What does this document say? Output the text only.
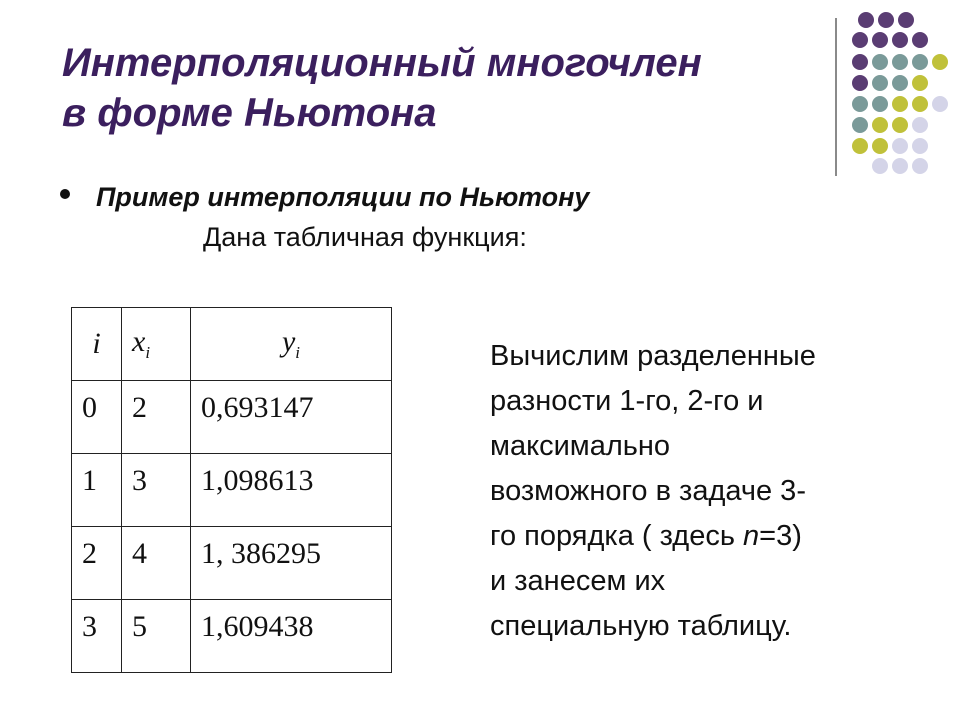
Интерполяционный многочлен
в форме Ньютона
Пример интерполяции по Ньютону
Дана табличная функция:
i	$x_i$	$y_i$
0	2	0,693147
1	3	1,098613
2	4	1, 386295
3	5	1,609438
Вычислим разделенные
разности 1-го, 2-го и
максимально
возможного в задаче 3-
го порядка ( здесь n=3)
и занесем их
специальную таблицу.
